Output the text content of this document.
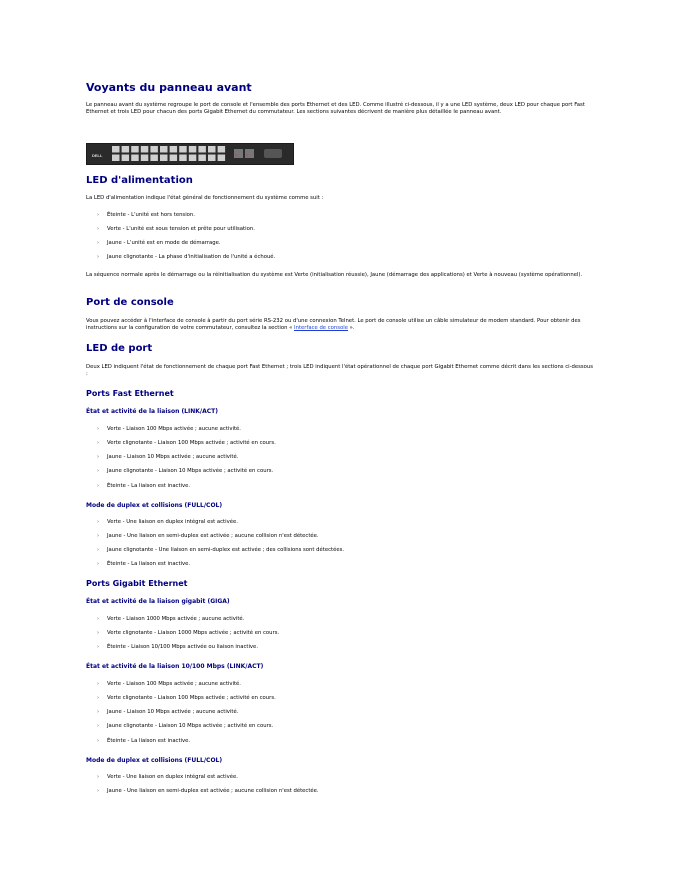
Voyants du panneau avant

Le panneau avant du système regroupe le port de console et l'ensemble des ports Ethernet et des LED. Comme illustré ci-dessous, il y a une LED système, deux LED pour chaque port Fast Ethernet et trois LED pour chacun des ports Gigabit Ethernet du commutateur. Les sections suivantes décrivent de manière plus détaillée le panneau avant.

DELL
LED d'alimentation

La LED d'alimentation indique l'état général de fonctionnement du système comme suit :

› Éteinte - L'unité est hors tension.
› Verte - L'unité est sous tension et prête pour utilisation.
› Jaune - L'unité est en mode de démarrage.
› Jaune clignotante - La phase d'initialisation de l'unité a échoué.

La séquence normale après le démarrage ou la réinitialisation du système est Verte (initialisation réussie), Jaune (démarrage des applications) et Verte à nouveau (système opérationnel).

Port de console

Vous pouvez accéder à l'interface de console à partir du port série RS-232 ou d'une connexion Telnet. Le port de console utilise un câble simulateur de modem standard. Pour obtenir des instructions sur la configuration de votre commutateur, consultez la section « Interface de console ».

LED de port

Deux LED indiquent l'état de fonctionnement de chaque port Fast Ethernet ; trois LED indiquent l'état opérationnel de chaque port Gigabit Ethernet comme décrit dans les sections ci-dessous :

Ports Fast Ethernet
État et activité de la liaison (LINK/ACT)
› Verte - Liaison 100 Mbps activée ; aucune activité.
› Verte clignotante - Liaison 100 Mbps activée ; activité en cours.
› Jaune - Liaison 10 Mbps activée ; aucune activité.
› Jaune clignotante - Liaison 10 Mbps activée ; activité en cours.
› Éteinte - La liaison est inactive.
Mode de duplex et collisions (FULL/COL)
› Verte - Une liaison en duplex intégral est activée.
› Jaune - Une liaison en semi-duplex est activée ; aucune collision n'est détectée.
› Jaune clignotante - Une liaison en semi-duplex est activée ; des collisions sont détectées.
› Éteinte - La liaison est inactive.
Ports Gigabit Ethernet
État et activité de la liaison gigabit (GIGA)
› Verte - Liaison 1000 Mbps activée ; aucune activité.
› Verte clignotante - Liaison 1000 Mbps activée ; activité en cours.
› Éteinte - Liaison 10/100 Mbps activée ou liaison inactive.
État et activité de la liaison 10/100 Mbps (LINK/ACT)
› Verte - Liaison 100 Mbps activée ; aucune activité.
› Verte clignotante - Liaison 100 Mbps activée ; activité en cours.
› Jaune - Liaison 10 Mbps activée ; aucune activité.
› Jaune clignotante - Liaison 10 Mbps activée ; activité en cours.
› Éteinte - La liaison est inactive.
Mode de duplex et collisions (FULL/COL)
› Verte - Une liaison en duplex intégral est activée.
› Jaune - Une liaison en semi-duplex est activée ; aucune collision n'est détectée.
